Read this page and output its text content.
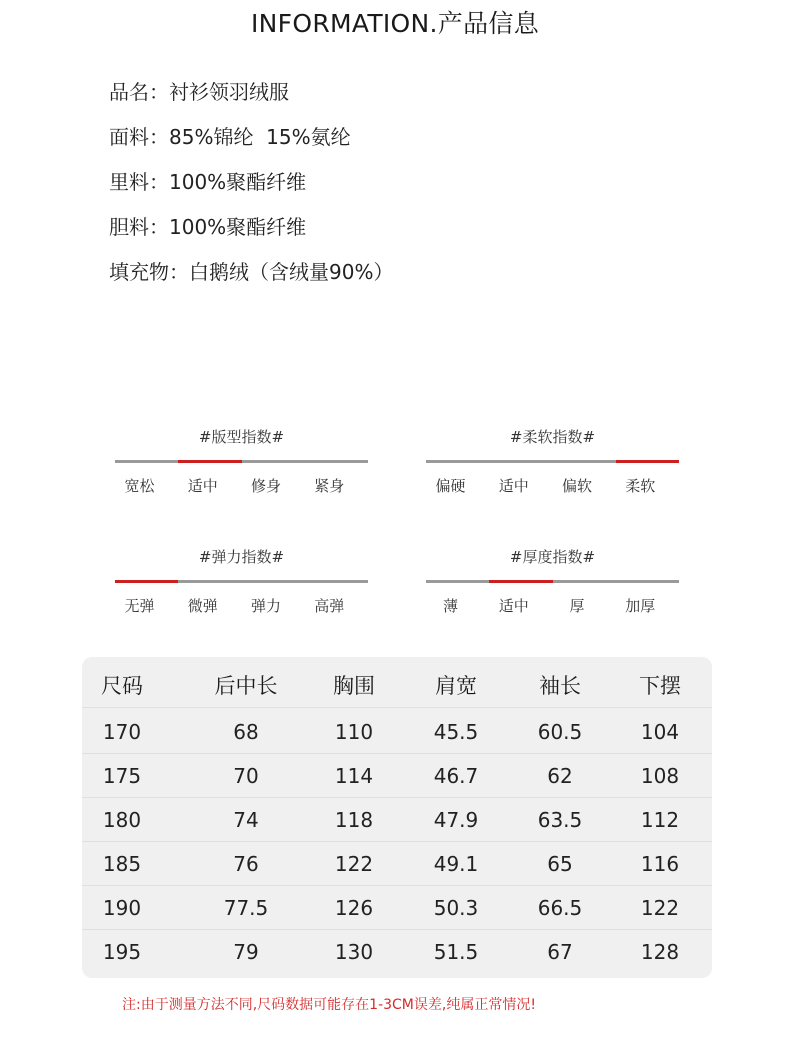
INFORMATION.产品信息
品名：衬衫领羽绒服
面料：85%锦纶  15%氨纶
里料：100%聚酯纤维
胆料：100%聚酯纤维
填充物：白鹅绒（含绒量90%）
#版型指数#
宽松	适中	修身	紧身
#柔软指数#
偏硬	适中	偏软	柔软
#弹力指数#
无弹	微弹	弹力	高弹
#厚度指数#
薄	适中	厚	加厚
尺码	后中长	胸围	肩宽	袖长	下摆
170	68	110	45.5	60.5	104
175	70	114	46.7	62	108
180	74	118	47.9	63.5	112
185	76	122	49.1	65	116
190	77.5	126	50.3	66.5	122
195	79	130	51.5	67	128
注:由于测量方法不同,尺码数据可能存在1-3CM误差,纯属正常情况!
